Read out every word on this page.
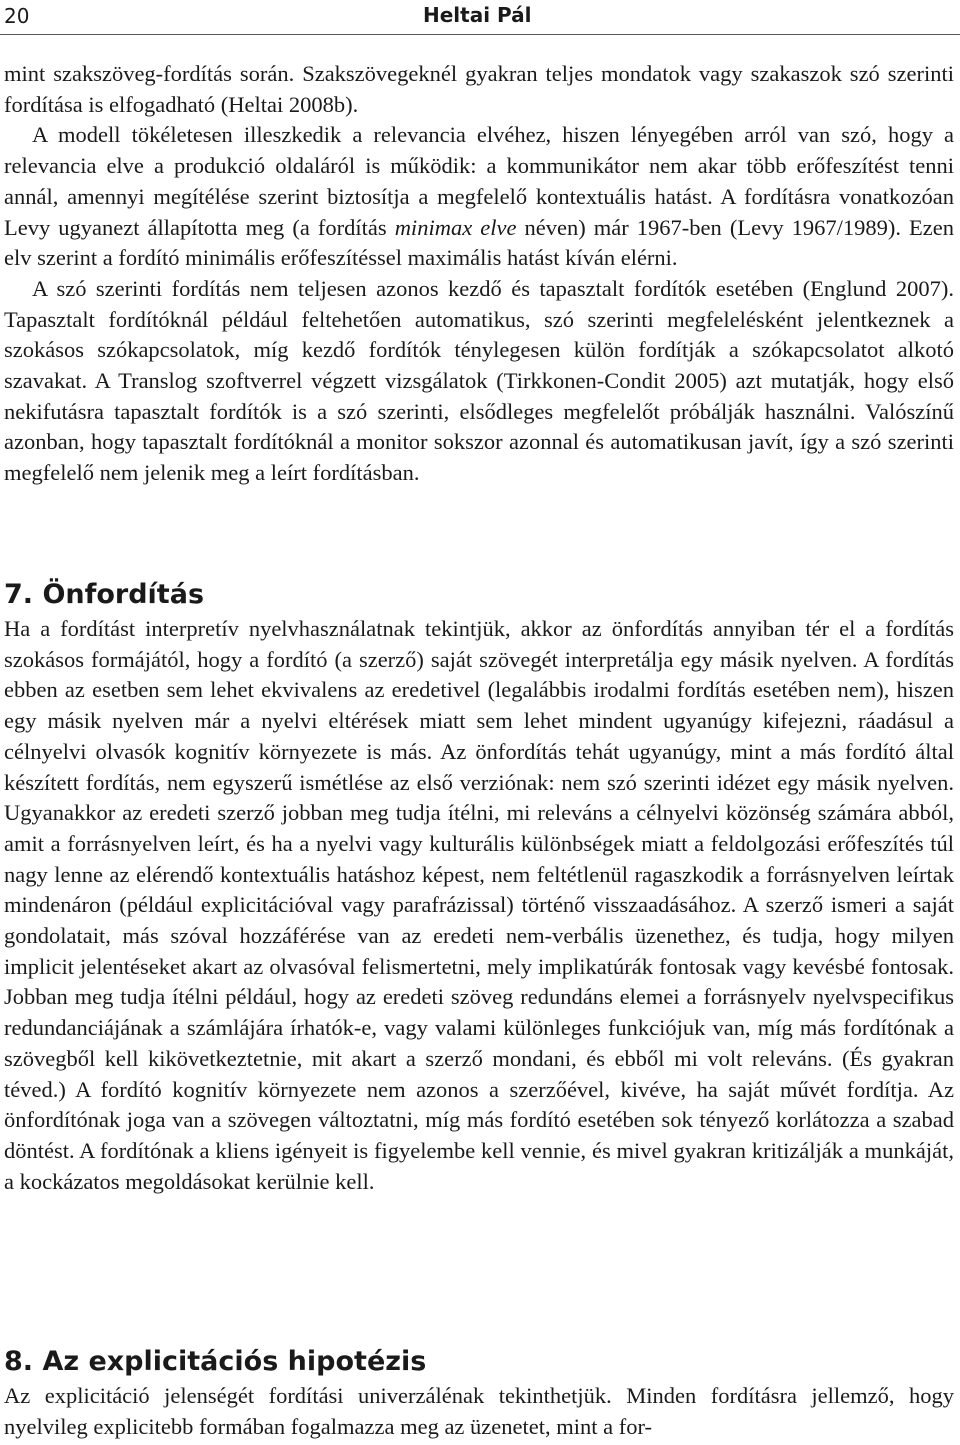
20	Heltai Pál

mint szakszöveg-fordítás során. Szakszövegeknél gyakran teljes mondatok vagy szakaszok szó szerinti fordítása is elfogadható (Heltai 2008b).

A modell tökéletesen illeszkedik a relevancia elvéhez, hiszen lényegében arról van szó, hogy a relevancia elve a produkció oldaláról is működik: a kommunikátor nem akar több erőfeszítést tenni annál, amennyi megítélése szerint biztosítja a megfelelő kontextuális hatást. A fordításra vonatkozóan Levy ugyanezt állapította meg (a fordítás minimax elve néven) már 1967-ben (Levy 1967/1989). Ezen elv szerint a fordító minimális erőfeszítéssel maximális hatást kíván elérni.

A szó szerinti fordítás nem teljesen azonos kezdő és tapasztalt fordítók esetében (Englund 2007). Tapasztalt fordítóknál például feltehetően automatikus, szó szerinti megfelelésként jelentkeznek a szokásos szókapcsolatok, míg kezdő fordítók ténylegesen külön fordítják a szókapcsolatot alkotó szavakat. A Translog szoftverrel végzett vizsgálatok (Tirkkonen-Condit 2005) azt mutatják, hogy első nekifutásra tapasztalt fordítók is a szó szerinti, elsődleges megfelelőt próbálják használni. Valószínű azonban, hogy tapasztalt fordítóknál a monitor sokszor azonnal és automatikusan javít, így a szó szerinti megfelelő nem jelenik meg a leírt fordításban.

7. Önfordítás

Ha a fordítást interpretív nyelvhasználatnak tekintjük, akkor az önfordítás annyiban tér el a fordítás szokásos formájától, hogy a fordító (a szerző) saját szövegét interpretálja egy másik nyelven. A fordítás ebben az esetben sem lehet ekvivalens az eredetivel (legalábbis irodalmi fordítás esetében nem), hiszen egy másik nyelven már a nyelvi eltérések miatt sem lehet mindent ugyanúgy kifejezni, ráadásul a célnyelvi olvasók kognitív környezete is más. Az önfordítás tehát ugyanúgy, mint a más fordító által készített fordítás, nem egyszerű ismétlése az első verziónak: nem szó szerinti idézet egy másik nyelven. Ugyanakkor az eredeti szerző jobban meg tudja ítélni, mi releváns a célnyelvi közönség számára abból, amit a forrásnyelven leírt, és ha a nyelvi vagy kulturális különbségek miatt a feldolgozási erőfeszítés túl nagy lenne az elérendő kontextuális hatáshoz képest, nem feltétlenül ragaszkodik a forrásnyelven leírtak mindenáron (például explicitációval vagy parafrázissal) történő visszaadásához. A szerző ismeri a saját gondolatait, más szóval hozzáférése van az eredeti nem-verbális üzenethez, és tudja, hogy milyen implicit jelentéseket akart az olvasóval felismertetni, mely implikatúrák fontosak vagy kevésbé fontosak. Jobban meg tudja ítélni például, hogy az eredeti szöveg redundáns elemei a forrásnyelv nyelvspecifikus redundanciájának a számlájára írhatók-e, vagy valami különleges funkciójuk van, míg más fordítónak a szövegből kell kikövetkeztetnie, mit akart a szerző mondani, és ebből mi volt releváns. (És gyakran téved.) A fordító kognitív környezete nem azonos a szerzőével, kivéve, ha saját művét fordítja. Az önfordítónak joga van a szövegen változtatni, míg más fordító esetében sok tényező korlátozza a szabad döntést. A fordítónak a kliens igényeit is figyelembe kell vennie, és mivel gyakran kritizálják a munkáját, a kockázatos megoldásokat kerülnie kell.

8. Az explicitációs hipotézis

Az explicitáció jelenségét fordítási univerzálénak tekinthetjük. Minden fordításra jellemző, hogy nyelvileg explicitebb formában fogalmazza meg az üzenetet, mint a for-
